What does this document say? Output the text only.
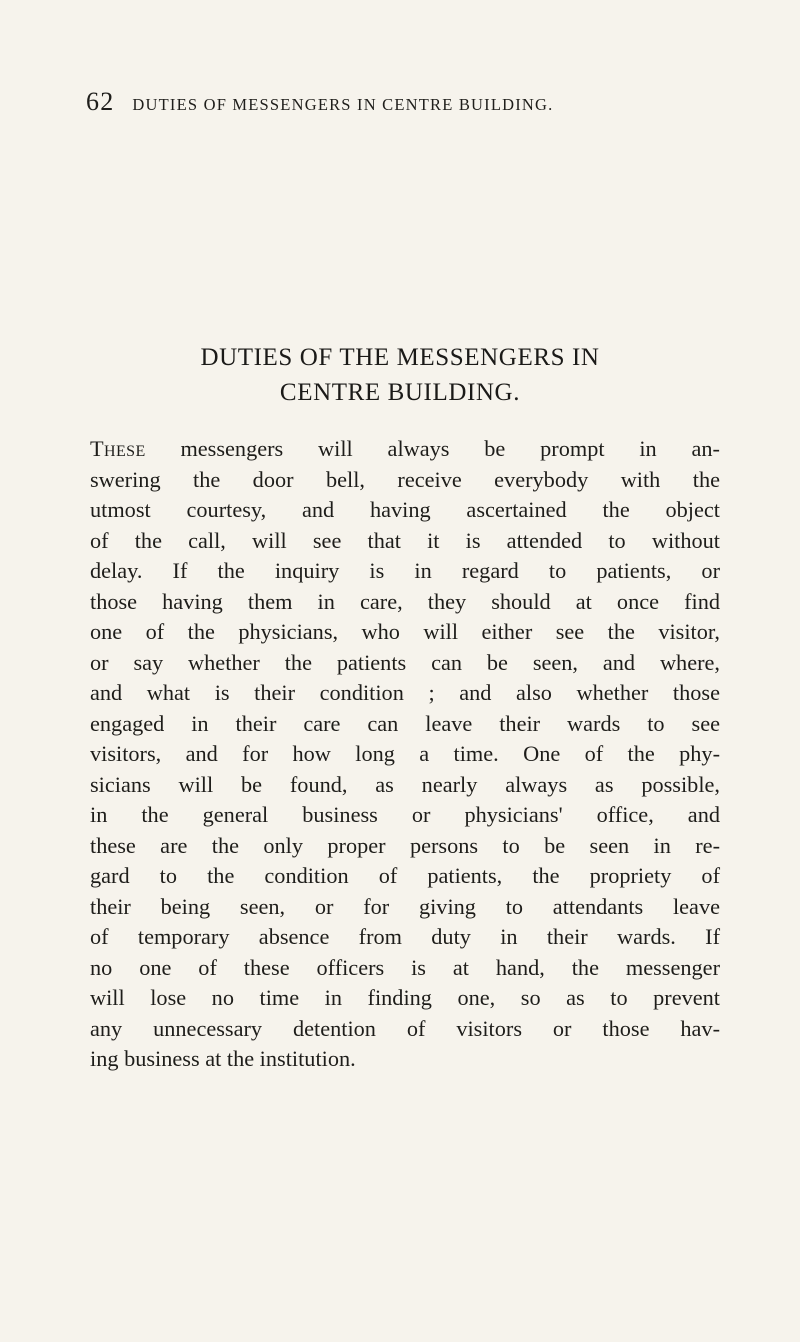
62 DUTIES OF MESSENGERS IN CENTRE BUILDING.
DUTIES OF THE MESSENGERS IN
CENTRE BUILDING.
These messengers will always be prompt in an-
swering the door bell, receive everybody with the
utmost courtesy, and having ascertained the object
of the call, will see that it is attended to without
delay. If the inquiry is in regard to patients, or
those having them in care, they should at once find
one of the physicians, who will either see the visitor,
or say whether the patients can be seen, and where,
and what is their condition ; and also whether those
engaged in their care can leave their wards to see
visitors, and for how long a time. One of the phy-
sicians will be found, as nearly always as possible,
in the general business or physicians' office, and
these are the only proper persons to be seen in re-
gard to the condition of patients, the propriety of
their being seen, or for giving to attendants leave
of temporary absence from duty in their wards. If
no one of these officers is at hand, the messenger
will lose no time in finding one, so as to prevent
any unnecessary detention of visitors or those hav-
ing business at the institution.
